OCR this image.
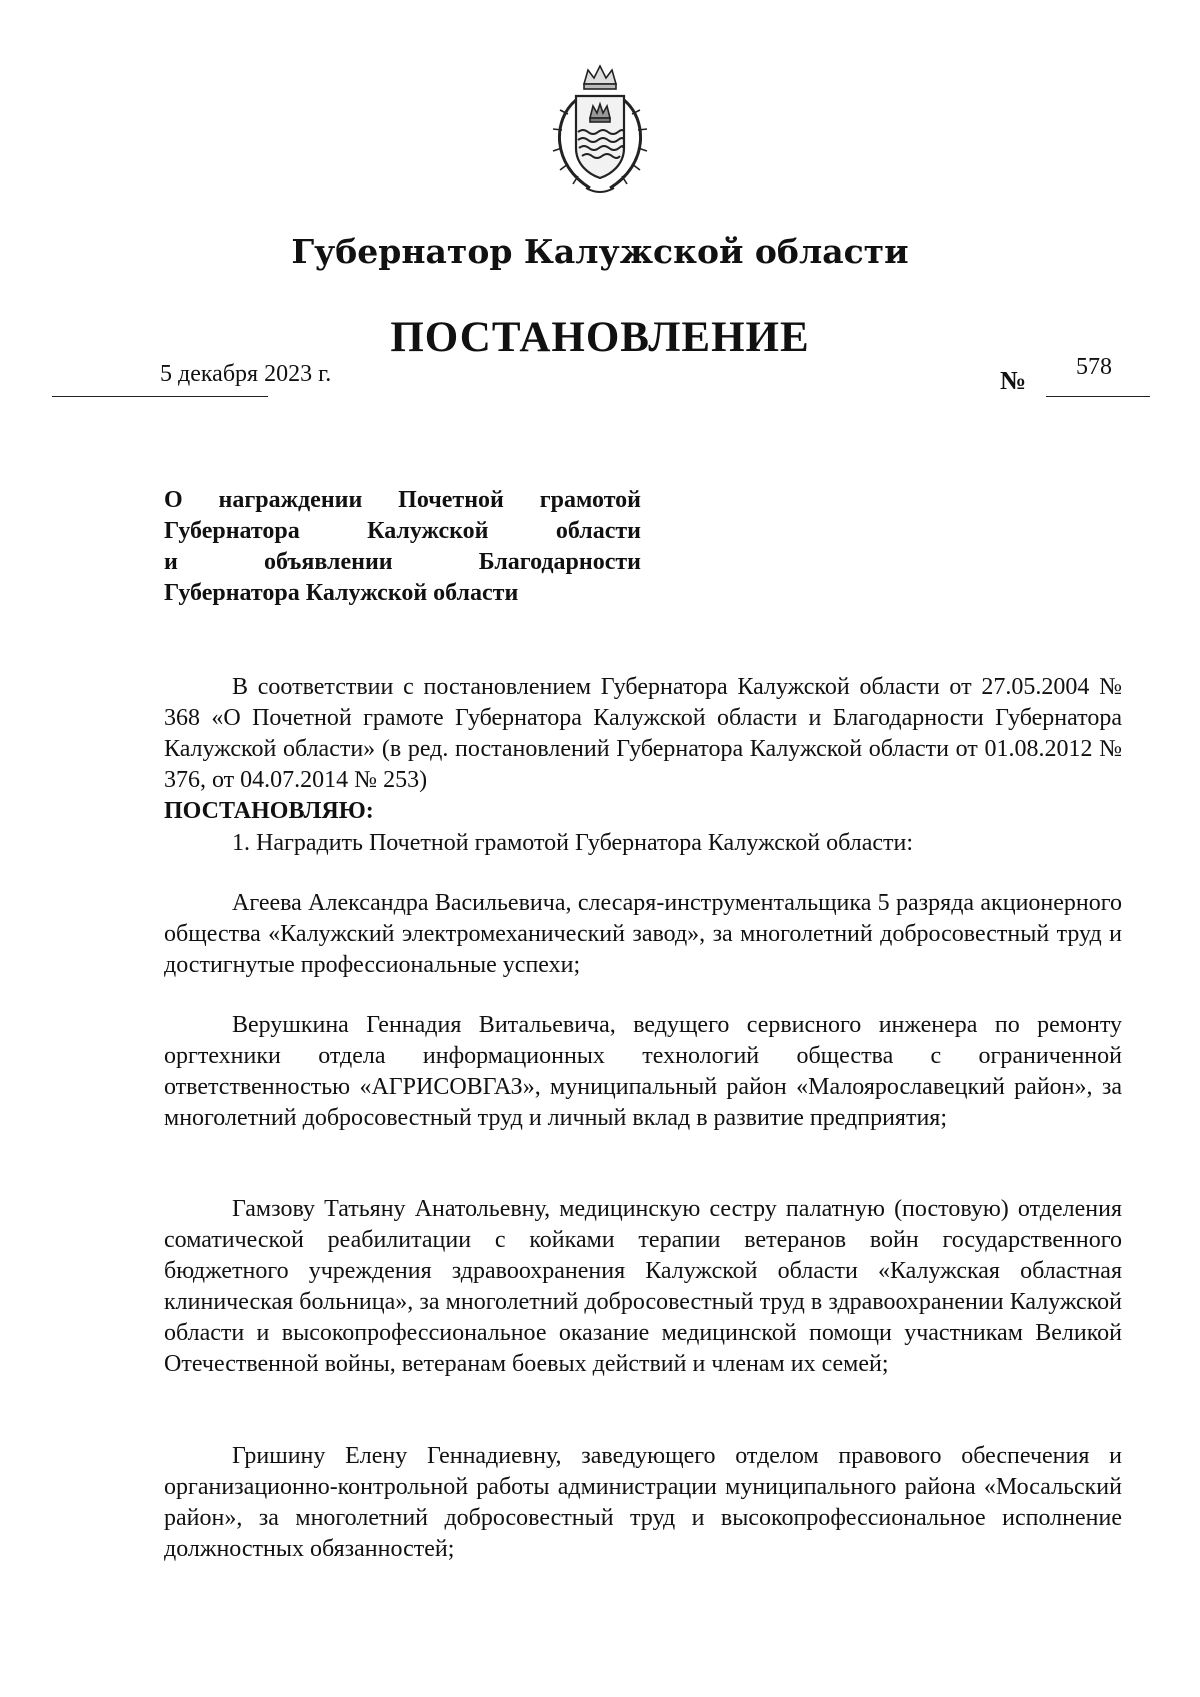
Губернатор Калужской области
ПОСТАНОВЛЕНИЕ
5 декабря 2023 г.	№ 578
О награждении Почетной грамотой
Губернатора Калужской области
и объявлении Благодарности
Губернатора Калужской области

В соответствии с постановлением Губернатора Калужской области от 27.05.2004 № 368 «О Почетной грамоте Губернатора Калужской области и Благодарности Губернатора Калужской области» (в ред. постановлений Губернатора Калужской области от 01.08.2012 № 376, от 04.07.2014 № 253)

ПОСТАНОВЛЯЮ:

1. Наградить Почетной грамотой Губернатора Калужской области:

Агеева Александра Васильевича, слесаря-инструментальщика 5 разряда акционерного общества «Калужский электромеханический завод», за многолетний добросовестный труд и достигнутые профессиональные успехи;

Верушкина Геннадия Витальевича, ведущего сервисного инженера по ремонту оргтехники отдела информационных технологий общества с ограниченной ответственностью «АГРИСОВГАЗ», муниципальный район «Малоярославецкий район», за многолетний добросовестный труд и личный вклад в развитие предприятия;

Гамзову Татьяну Анатольевну, медицинскую сестру палатную (постовую) отделения соматической реабилитации с койками терапии ветеранов войн государственного бюджетного учреждения здравоохранения Калужской области «Калужская областная клиническая больница», за многолетний добросовестный труд в здравоохранении Калужской области и высокопрофессиональное оказание медицинской помощи участникам Великой Отечественной войны, ветеранам боевых действий и членам их семей;

Гришину Елену Геннадиевну, заведующего отделом правового обеспечения и организационно-контрольной работы администрации муниципального района «Мосальский район», за многолетний добросовестный труд и высокопрофессиональное исполнение должностных обязанностей;
